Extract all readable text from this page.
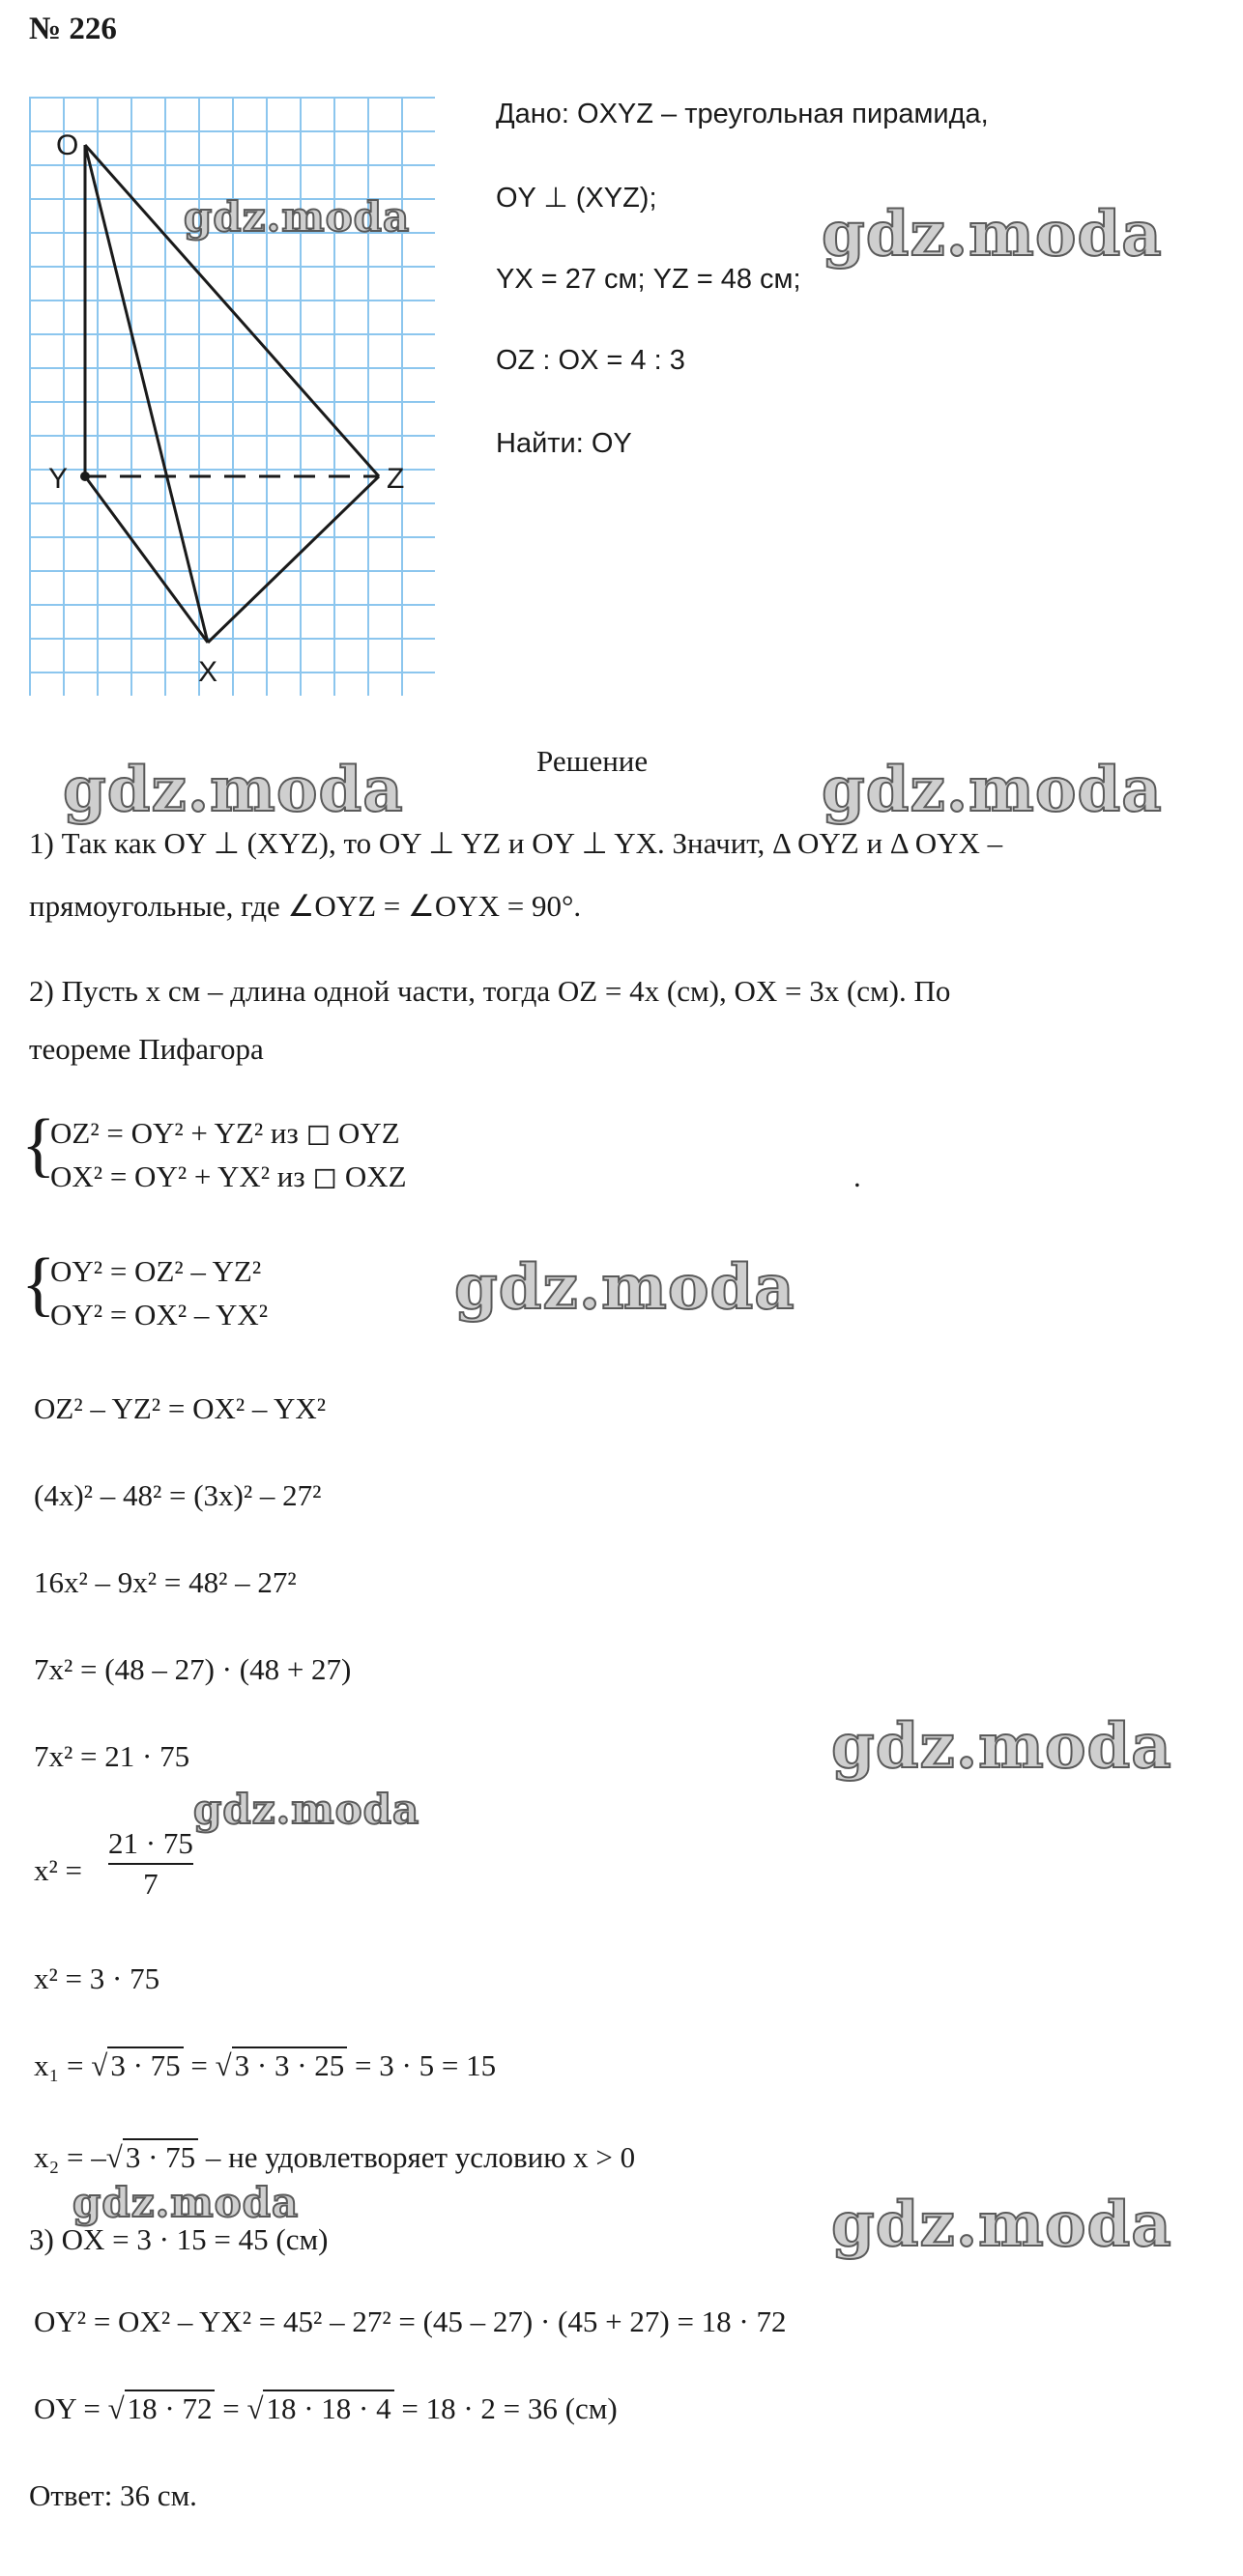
№ 226
O
Y	Z
X
Дано: OXYZ – треугольная пирамида,
OY ⊥ (XYZ);
YX = 27 см; YZ = 48 см;
OZ : OX = 4 : 3
Найти: OY
Решение
1) Так как OY ⊥ (XYZ), то OY ⊥ YZ и OY ⊥ YX. Значит, Δ OYZ и Δ OYX –
прямоугольные, где ∠OYZ = ∠OYX = 90°.
2) Пусть x см – длина одной части, тогда OZ = 4x (см), OX = 3x (см). По
теореме Пифагора
{
OZ² = OY² + YZ² из ◻ OYZ
OX² = OY² + YX² из ◻ OXZ	.
{
OY² = OZ² – YZ²
OY² = OX² – YX²
OZ² – YZ² = OX² – YX²
(4x)² – 48² = (3x)² – 27²
16x² – 9x² = 48² – 27²
7x² = (48 – 27) · (48 + 27)
7x² = 21 · 75
x² =
21 · 75
7
x² = 3 · 75
x₁ = √3 · 75 = √3 · 3 · 25 = 3 · 5 = 15
x₂ = –√3 · 75 – не удовлетворяет условию x > 0
3) OX = 3 · 15 = 45 (см)
OY² = OX² – YX² = 45² – 27² = (45 – 27) · (45 + 27) = 18 · 72
OY = √18 · 72 = √18 · 18 · 4 = 18 · 2 = 36 (см)
Ответ: 36 см.
gdz.moda	gdz.moda
gdz.moda	gdz.moda
gdz.moda
gdz.moda
gdz.moda
gdz.moda	gdz.moda
